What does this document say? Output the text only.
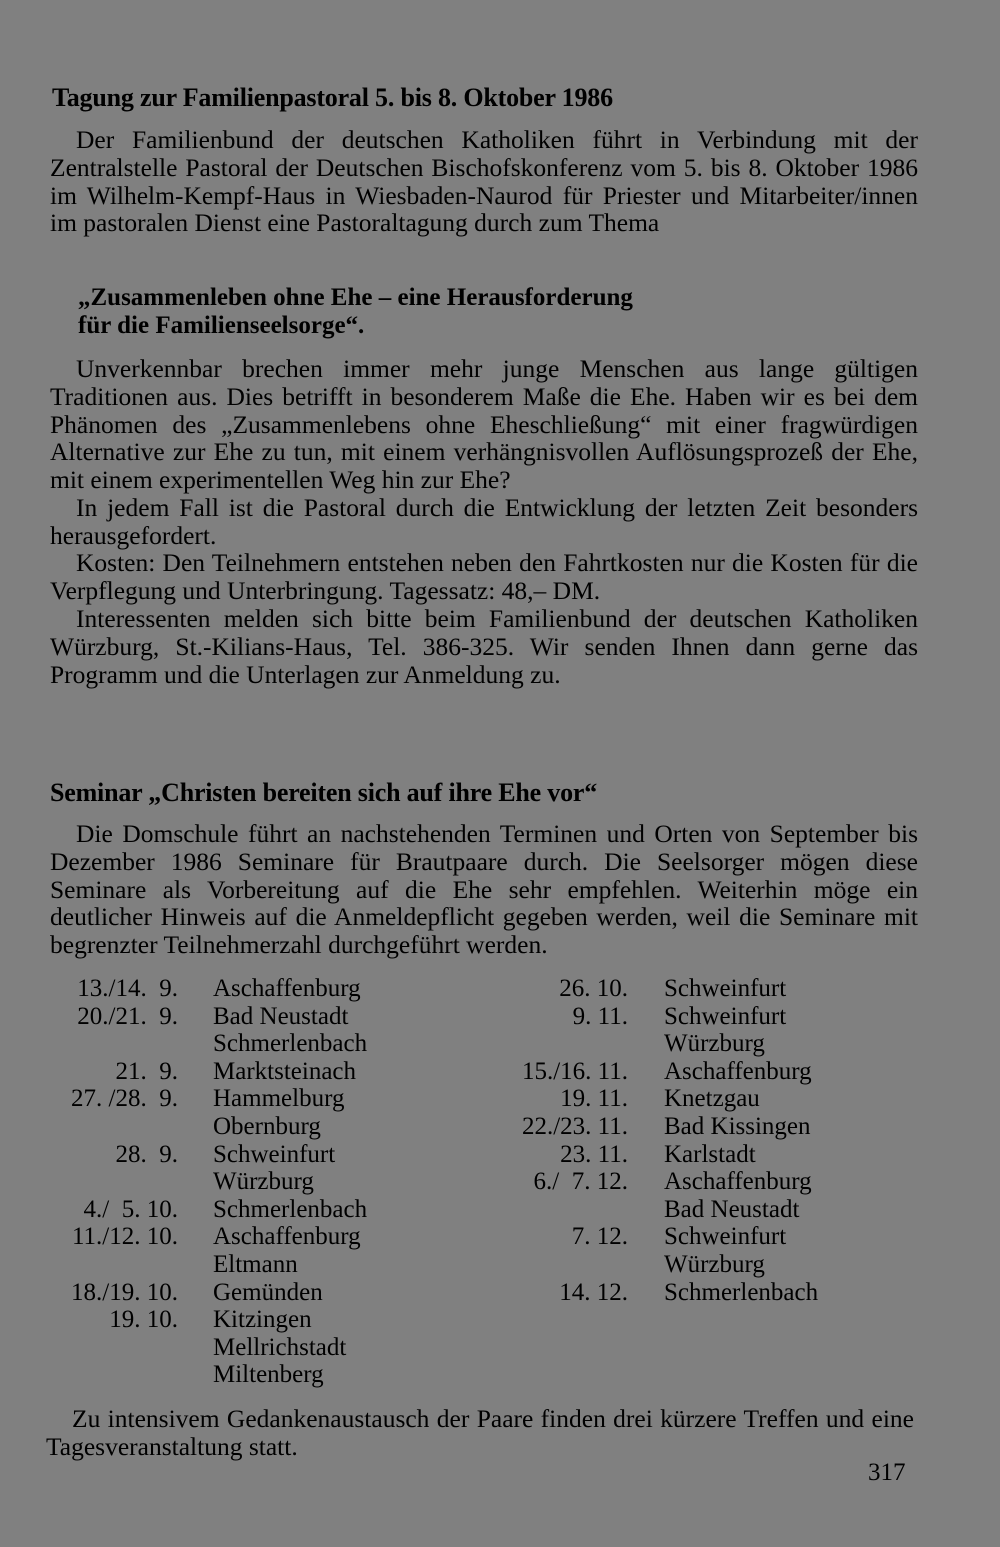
Tagung zur Familienpastoral 5. bis 8. Oktober 1986

Der Familienbund der deutschen Katholiken führt in Verbindung mit der Zentralstelle Pastoral der Deutschen Bischofskonferenz vom 5. bis 8. Oktober 1986 im Wilhelm-Kempf-Haus in Wiesbaden-Naurod für Priester und Mitarbeiter/innen im pastoralen Dienst eine Pastoraltagung durch zum Thema

„Zusammenleben ohne Ehe – eine Herausforderung
für die Familienseelsorge“.

Unverkennbar brechen immer mehr junge Menschen aus lange gültigen Traditionen aus. Dies betrifft in besonderem Maße die Ehe. Haben wir es bei dem Phänomen des „Zusammenlebens ohne Eheschließung“ mit einer fragwürdigen Alternative zur Ehe zu tun, mit einem verhängnisvollen Auflösungsprozeß der Ehe, mit einem experimentellen Weg hin zur Ehe?

In jedem Fall ist die Pastoral durch die Entwicklung der letzten Zeit besonders herausgefordert.

Kosten: Den Teilnehmern entstehen neben den Fahrtkosten nur die Kosten für die Verpflegung und Unterbringung. Tagessatz: 48,– DM.

Interessenten melden sich bitte beim Familienbund der deutschen Katholiken Würzburg, St.-Kilians-Haus, Tel. 386-325. Wir senden Ihnen dann gerne das Programm und die Unterlagen zur Anmeldung zu.

Seminar „Christen bereiten sich auf ihre Ehe vor“

Die Domschule führt an nachstehenden Terminen und Orten von September bis Dezember 1986 Seminare für Brautpaare durch. Die Seelsorger mögen diese Seminare als Vorbereitung auf die Ehe sehr empfehlen. Weiterhin möge ein deutlicher Hinweis auf die Anmeldepflicht gegeben werden, weil die Seminare mit begrenzter Teilnehmerzahl durchgeführt werden.

13./14.  9. Aschaffenburg
20./21.  9. Bad Neustadt
Schmerlenbach
21.  9. Marktsteinach
27. /28.  9. Hammelburg
Obernburg
28.  9. Schweinfurt
Würzburg
4./  5. 10. Schmerlenbach
11./12. 10. Aschaffenburg
Eltmann
18./19. 10. Gemünden
19. 10. Kitzingen
Mellrichstadt
Miltenberg
26. 10. Schweinfurt
9. 11. Schweinfurt
Würzburg
15./16. 11. Aschaffenburg
19. 11. Knetzgau
22./23. 11. Bad Kissingen
23. 11. Karlstadt
6./  7. 12. Aschaffenburg
Bad Neustadt
7. 12. Schweinfurt
Würzburg
14. 12. Schmerlenbach

Zu intensivem Gedankenaustausch der Paare finden drei kürzere Treffen und eine Tagesveranstaltung statt.

317
